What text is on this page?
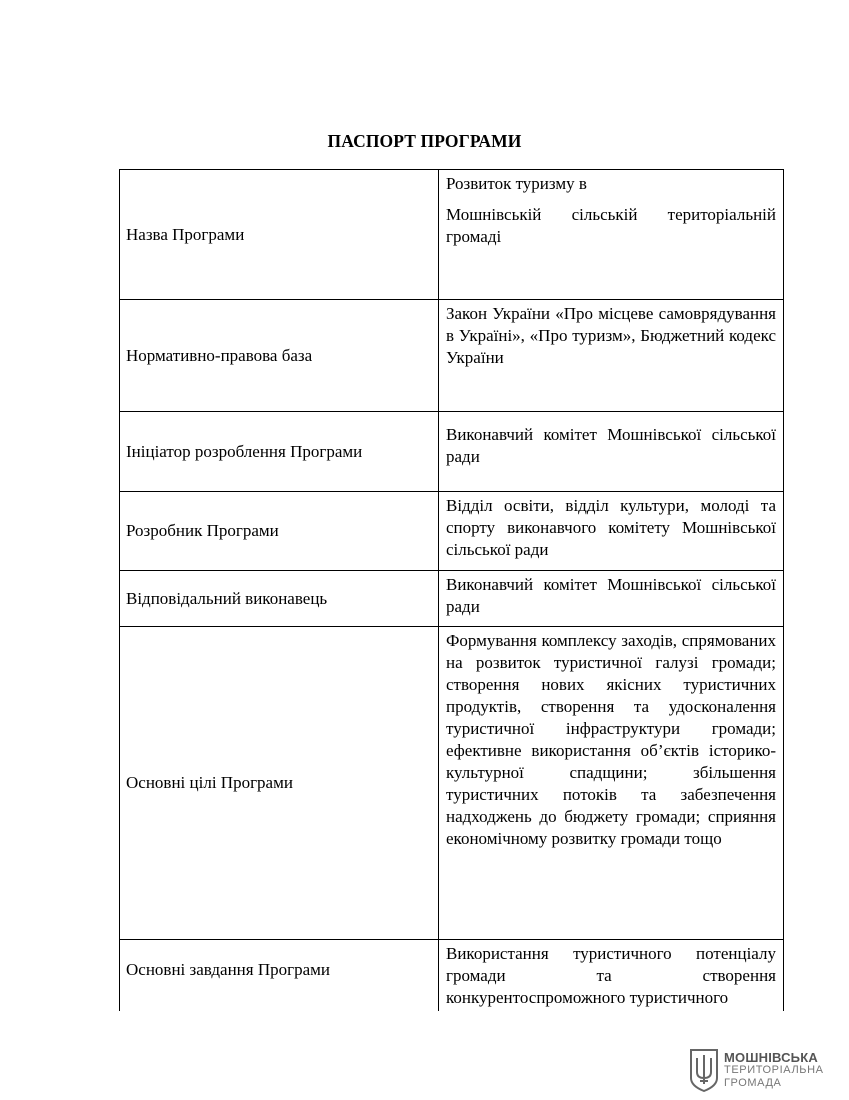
ПАСПОРТ ПРОГРАМИ
Назва Програми	Розвиток туризму в
Мошнівській сільській територіальній громаді

Нормативно-правова база	Закон України «Про місцеве самоврядування в Україні», «Про туризм», Бюджетний кодекс України
Ініціатор розроблення Програми	Виконавчий комітет Мошнівської сільської ради
Розробник Програми	Відділ освіти, відділ культури, молоді та спорту виконавчого комітету Мошнівської сільської ради
Відповідальний виконавець	Виконавчий комітет Мошнівської сільської ради
Основні цілі Програми	Формування комплексу заходів, спрямованих на розвиток туристичної галузі громади; створення нових якісних туристичних продуктів, створення та удосконалення туристичної інфраструктури громади; ефективне використання об’єктів історико-культурної спадщини; збільшення туристичних потоків та забезпечення надходжень до бюджету громади; сприяння економічному розвитку громади тощо
Основні завдання Програми	Використання туристичного потенціалу громади та створення конкурентоспроможного туристичного
МОШНІВСЬКА
ТЕРИТОРІАЛЬНА
ГРОМАДА
